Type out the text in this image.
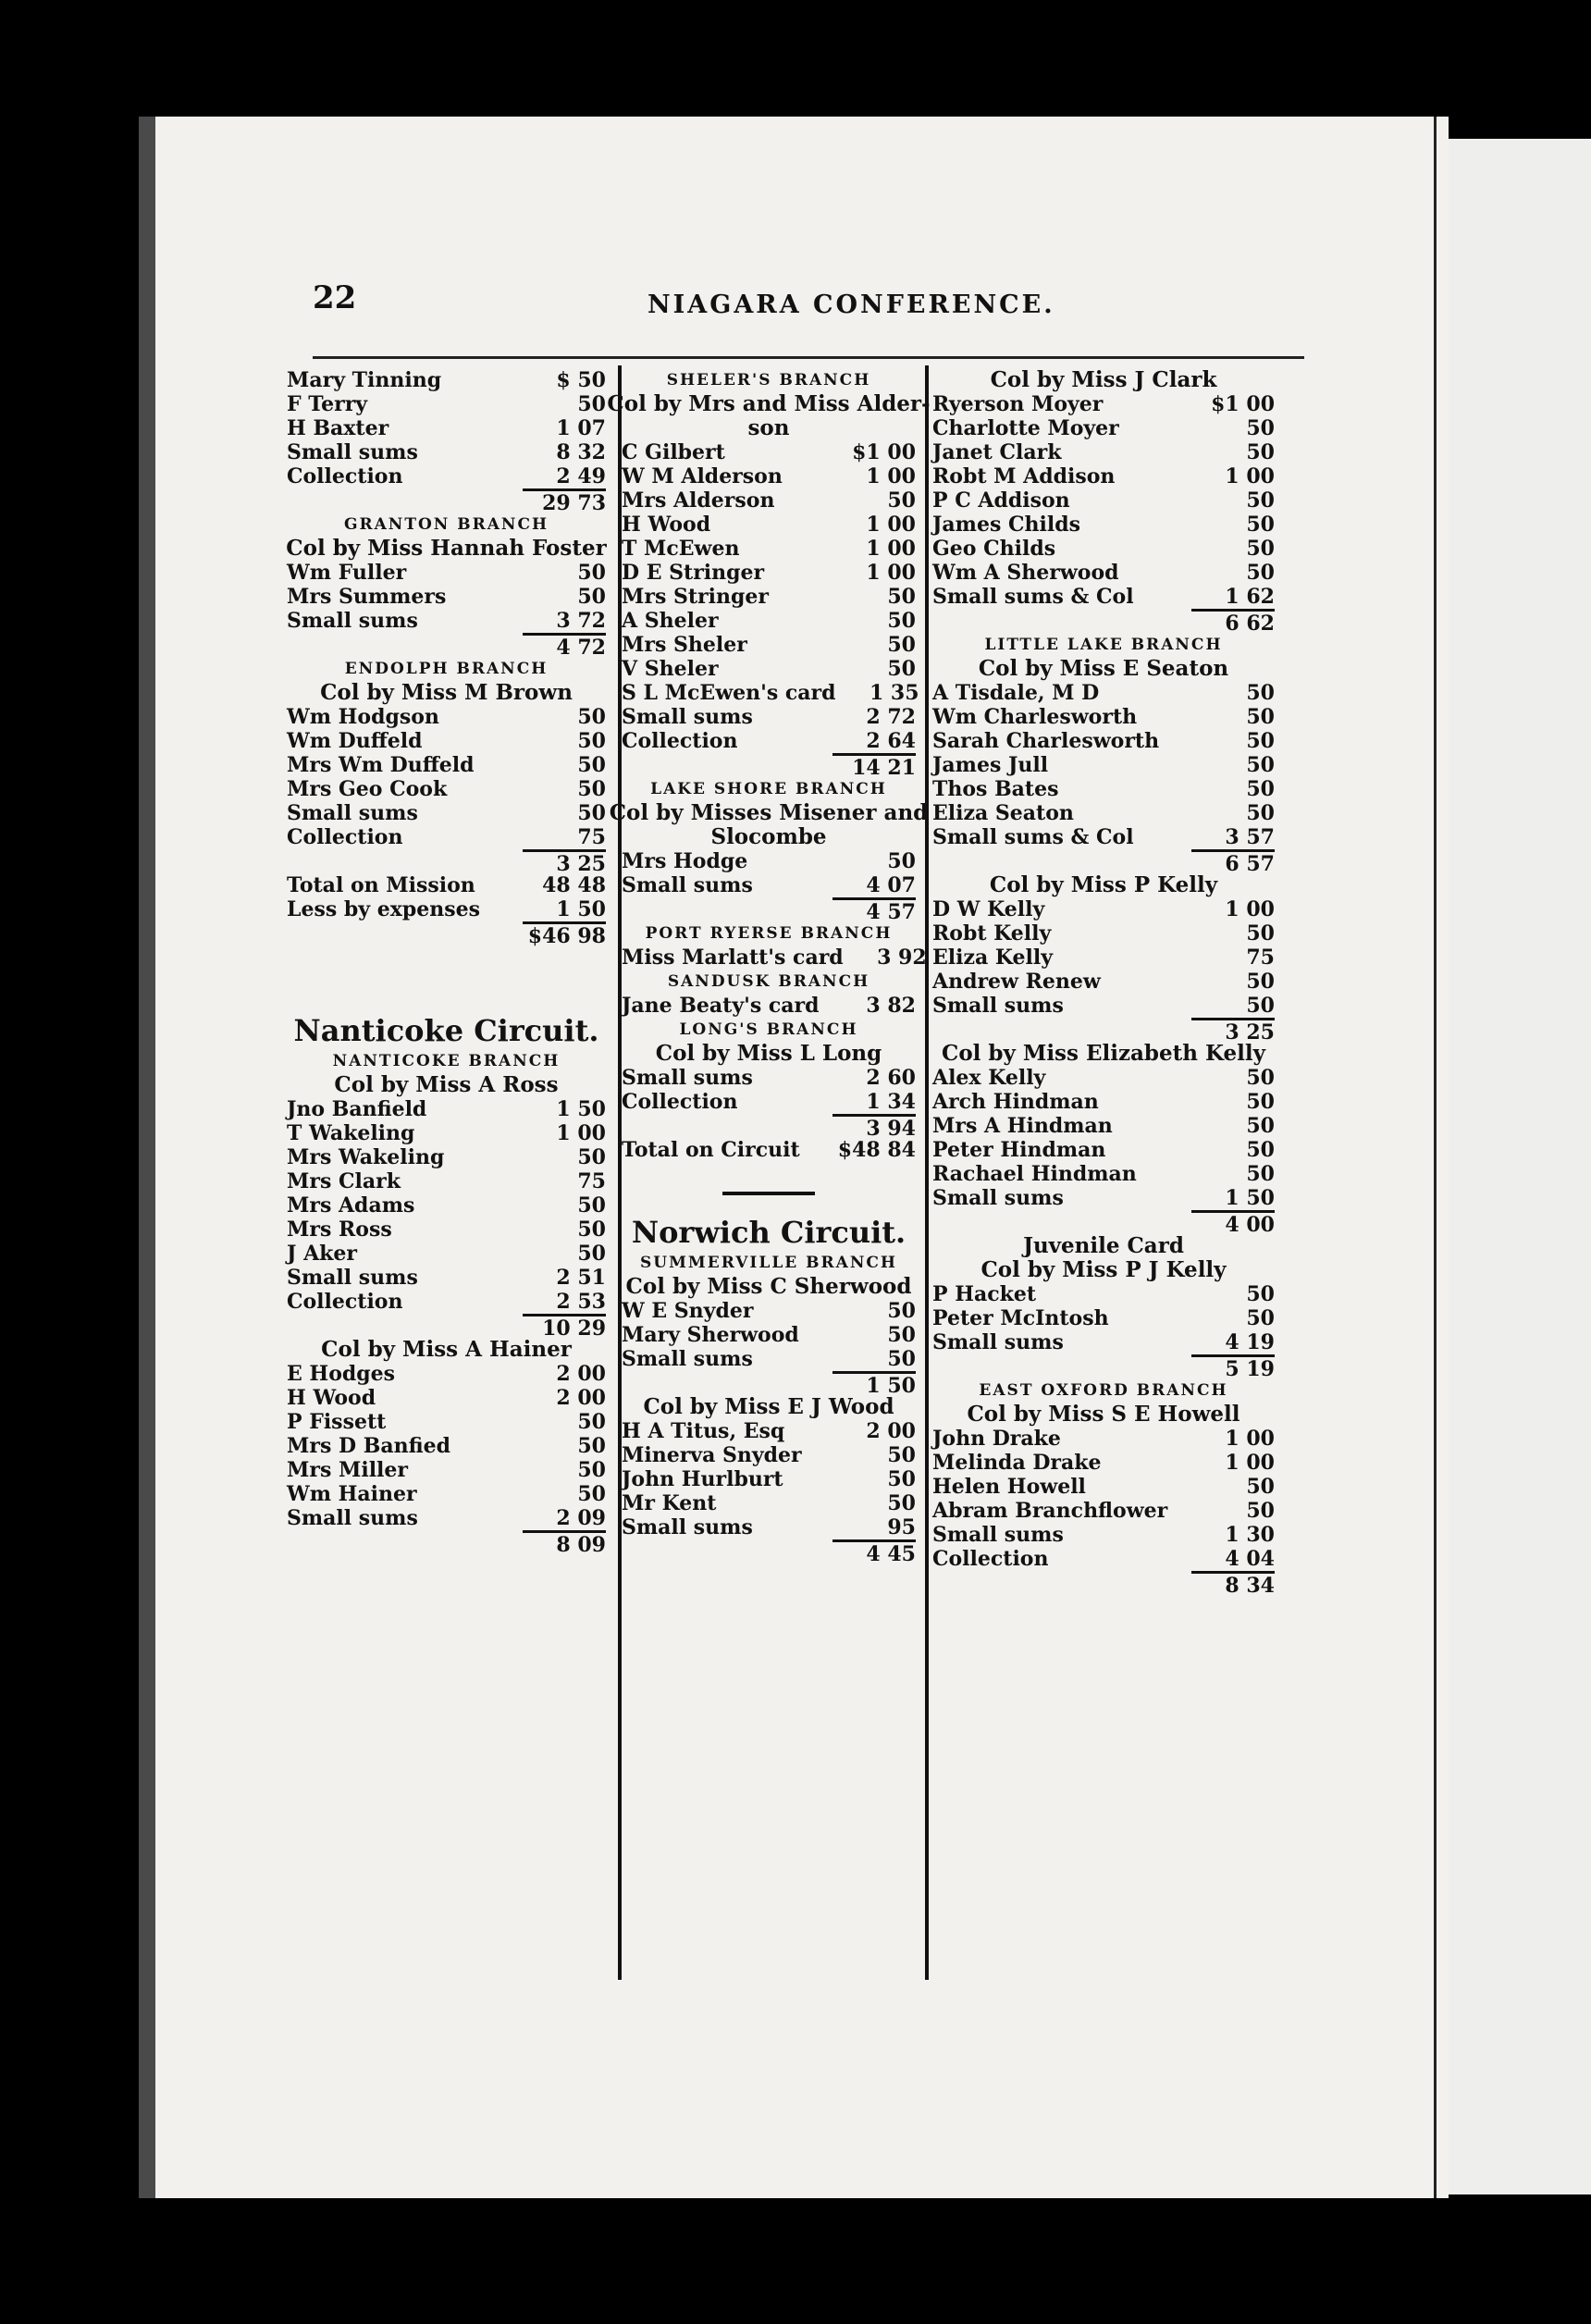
22	NIAGARA CONFERENCE.
Mary Tinning	$ 50
F Terry	50
H Baxter	1 07
Small sums	8 32
Collection	2 49
29 73
GRANTON BRANCH
Col by Miss Hannah Foster
Wm Fuller	50
Mrs Summers	50
Small sums	3 72
4 72
ENDOLPH BRANCH
Col by Miss M Brown
Wm Hodgson	50
Wm Duffeld	50
Mrs Wm Duffeld	50
Mrs Geo Cook	50
Small sums	50
Collection	75
3 25
Total on Mission	48 48
Less by expenses	1 50
$46 98
Nanticoke Circuit.
NANTICOKE BRANCH
Col by Miss A Ross
Jno Banfield	1 50
T Wakeling	1 00
Mrs Wakeling	50
Mrs Clark	75
Mrs Adams	50
Mrs Ross	50
J Aker	50
Small sums	2 51
Collection	2 53
10 29
Col by Miss A Hainer
E Hodges	2 00
H Wood	2 00
P Fissett	50
Mrs D Banfied	50
Mrs Miller	50
Wm Hainer	50
Small sums	2 09
8 09
SHELER'S BRANCH
Col by Mrs and Miss Alder-
son
C Gilbert	$1 00
W M Alderson	1 00
Mrs Alderson	50
H Wood	1 00
T McEwen	1 00
D E Stringer	1 00
Mrs Stringer	50
A Sheler	50
Mrs Sheler	50
V Sheler	50
S L McEwen's card	1 35
Small sums	2 72
Collection	2 64
14 21
LAKE SHORE BRANCH
Col by Misses Misener and
Slocombe
Mrs Hodge	50
Small sums	4 07
4 57
PORT RYERSE BRANCH
Miss Marlatt's card	3 92
SANDUSK BRANCH
Jane Beaty's card	3 82
LONG'S BRANCH
Col by Miss L Long
Small sums	2 60
Collection	1 34
3 94
Total on Circuit $48 84
Norwich Circuit.
SUMMERVILLE BRANCH
Col by Miss C Sherwood
W E Snyder	50
Mary Sherwood	50
Small sums	50
1 50
Col by Miss E J Wood
H A Titus, Esq	2 00
Minerva Snyder	50
John Hurlburt	50
Mr Kent	50
Small sums	95
4 45
Col by Miss J Clark
Ryerson Moyer	$1 00
Charlotte Moyer	50
Janet Clark	50
Robt M Addison	1 00
P C Addison	50
James Childs	50
Geo Childs	50
Wm A Sherwood	50
Small sums & Col	1 62
6 62
LITTLE LAKE BRANCH
Col by Miss E Seaton
A Tisdale, M D	50
Wm Charlesworth	50
Sarah Charlesworth	50
James Jull	50
Thos Bates	50
Eliza Seaton	50
Small sums & Col	3 57
6 57
Col by Miss P Kelly
D W Kelly	1 00
Robt Kelly	50
Eliza Kelly	75
Andrew Renew	50
Small sums	50
3 25
Col by Miss Elizabeth Kelly
Alex Kelly	50
Arch Hindman	50
Mrs A Hindman	50
Peter Hindman	50
Rachael Hindman	50
Small sums	1 50
4 00
Juvenile Card
Col by Miss P J Kelly
P Hacket	50
Peter McIntosh	50
Small sums	4 19
5 19
EAST OXFORD BRANCH
Col by Miss S E Howell
John Drake	1 00
Melinda Drake	1 00
Helen Howell	50
Abram Branchflower	50
Small sums	1 30
Collection	4 04
8 34
